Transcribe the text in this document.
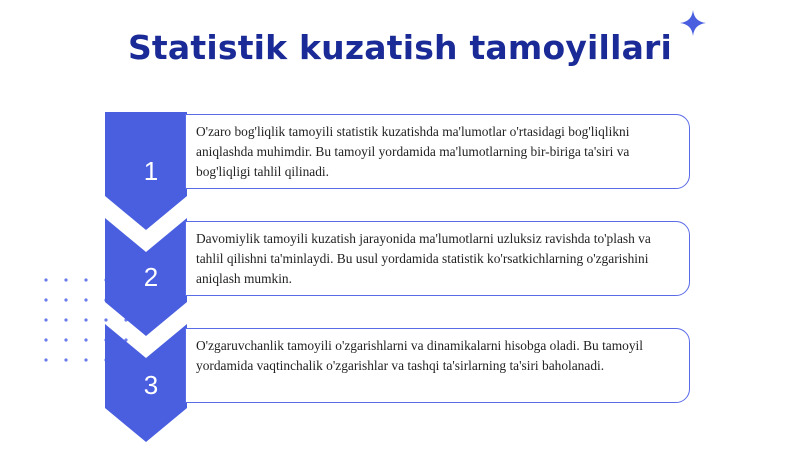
Statistik kuzatish tamoyillari
1
2
3
O'zaro bog'liqlik tamoyili statistik kuzatishda ma'lumotlar o'rtasidagi bog'liqlikni aniqlashda muhimdir. Bu tamoyil yordamida ma'lumotlarning bir-biriga ta'siri va bog'liqligi tahlil qilinadi.
Davomiylik tamoyili kuzatish jarayonida ma'lumotlarni uzluksiz ravishda to'plash va tahlil qilishni ta'minlaydi. Bu usul yordamida statistik ko'rsatkichlarning o'zgarishini aniqlash mumkin.
O'zgaruvchanlik tamoyili o'zgarishlarni va dinamikalarni hisobga oladi. Bu tamoyil yordamida vaqtinchalik o'zgarishlar va tashqi ta'sirlarning ta'siri baholanadi.
